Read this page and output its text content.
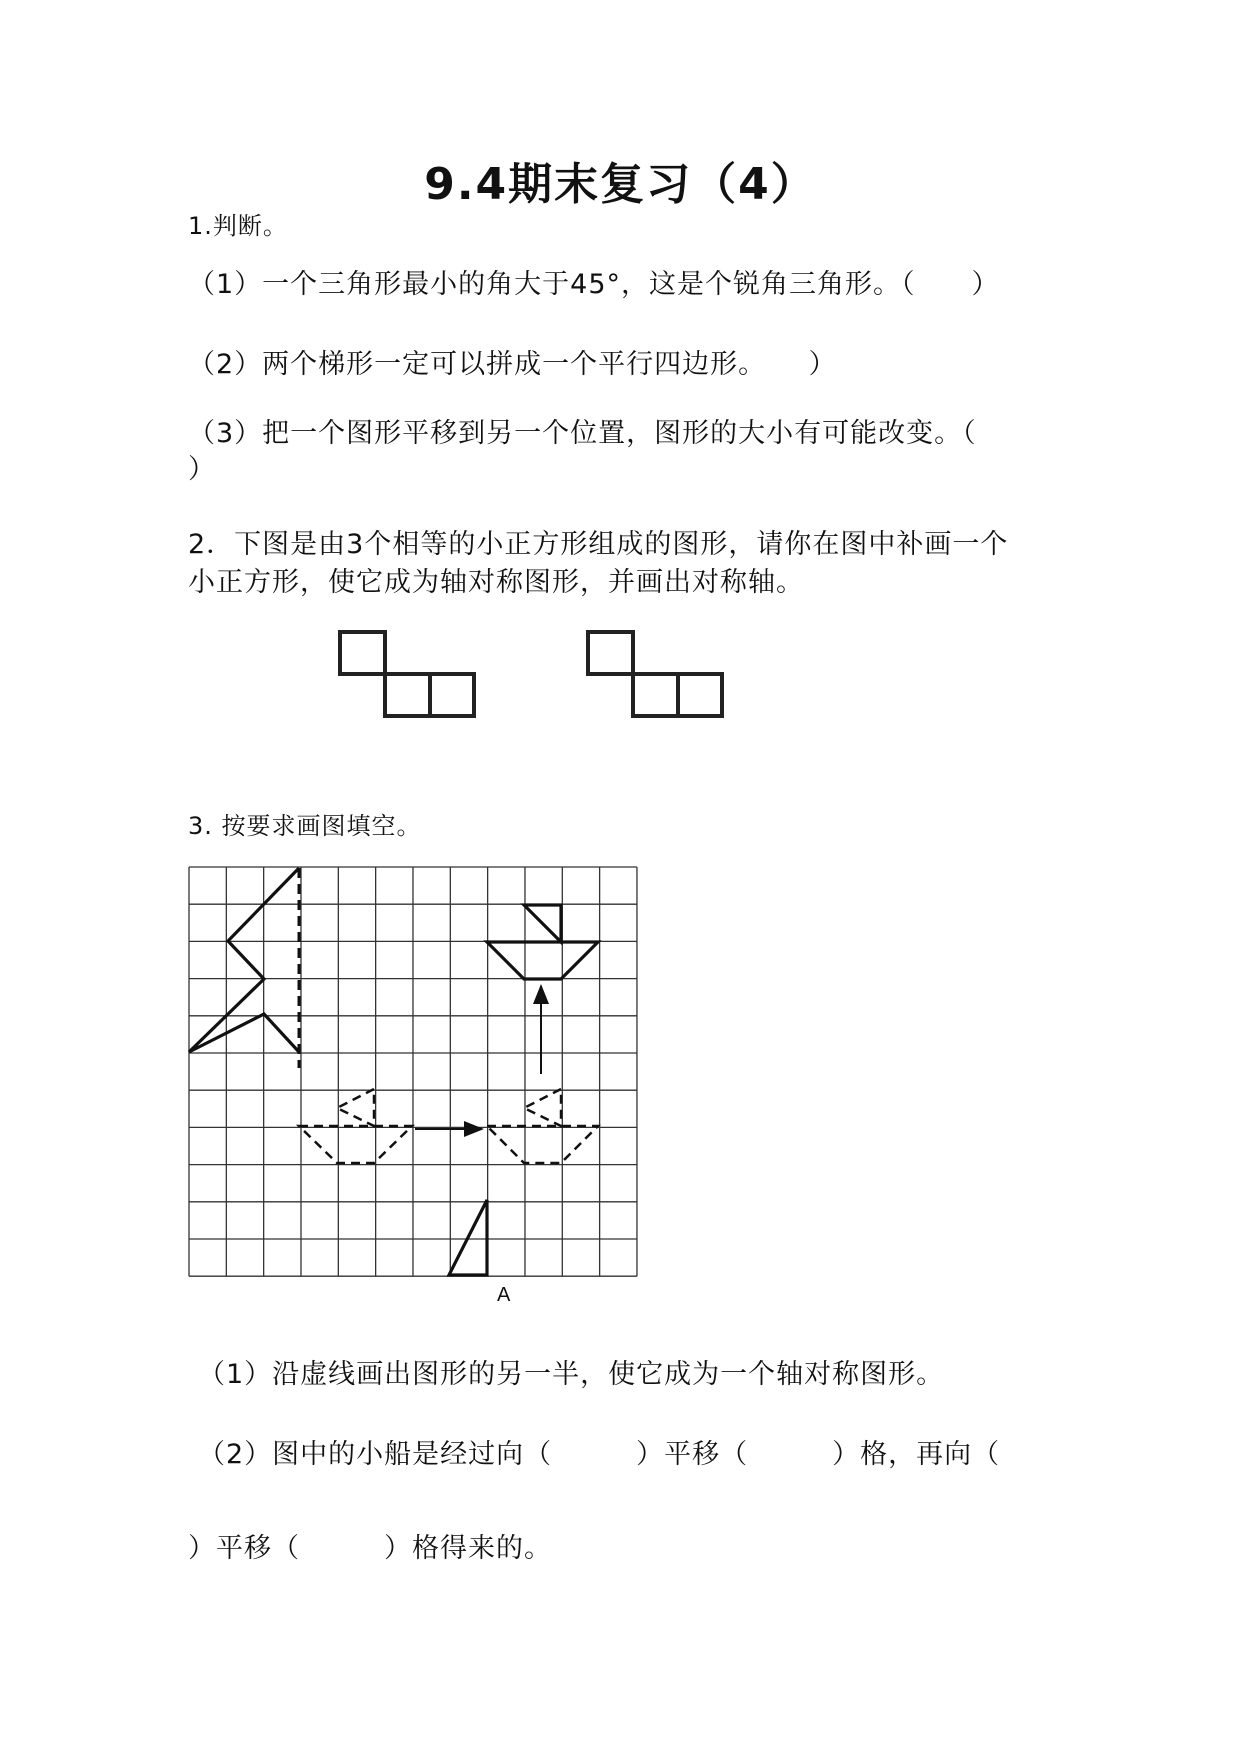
9.4期末复习（4）
1.判断。
（1）一个三角形最小的角大于45°，这是个锐角三角形。（　　）
（2）两个梯形一定可以拼成一个平行四边形。　　）
（3）把一个图形平移到另一个位置，图形的大小有可能改变。（
）
2．下图是由3个相等的小正方形组成的图形，请你在图中补画一个
小正方形，使它成为轴对称图形，并画出对称轴。
3. 按要求画图填空。
A
（1）沿虚线画出图形的另一半，使它成为一个轴对称图形。
（2）图中的小船是经过向（　　　）平移（　　　）格，再向（
）平移（　　　）格得来的。
